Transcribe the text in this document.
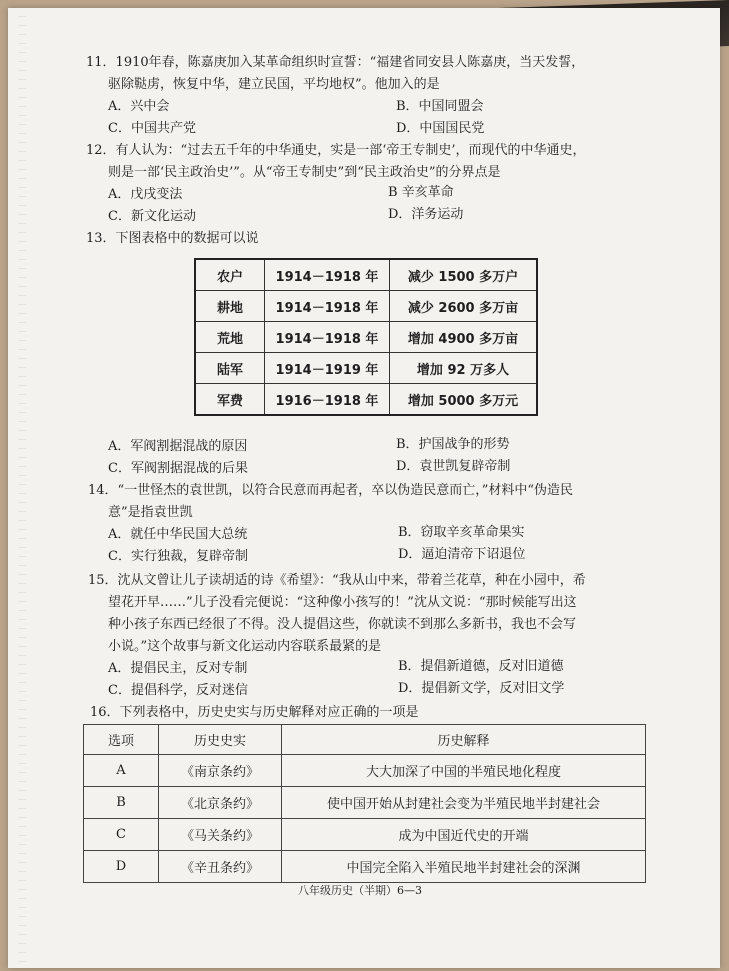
11．1910年春，陈嘉庚加入某革命组织时宣誓：“福建省同安县人陈嘉庚，当天发誓，
驱除鞑虏，恢复中华，建立民国，平均地权”。他加入的是
A．兴中会	B．中国同盟会
C．中国共产党	D．中国国民党
12．有人认为：“过去五千年的中华通史，实是一部‘帝王专制史’，而现代的中华通史，
则是一部‘民主政治史’”。从“帝王专制史”到“民主政治史”的分界点是
A．戊戌变法	B 辛亥革命
C．新文化运动	D．洋务运动
13．下图表格中的数据可以说
农户	1914－1918 年	减少 1500 多万户
耕地	1914－1918 年	减少 2600 多万亩
荒地	1914－1918 年	增加 4900 多万亩
陆军	1914－1919 年	增加 92 万多人
军费	1916－1918 年	增加 5000 多万元
A．军阀割据混战的原因	B．护国战争的形势
C．军阀割据混战的后果	D．袁世凯复辟帝制
14．“一世怪杰的袁世凯，以符合民意而再起者，卒以伪造民意而亡，”材料中“伪造民
意”是指袁世凯
A．就任中华民国大总统	B．窃取辛亥革命果实
C．实行独裁，复辟帝制	D．逼迫清帝下诏退位
15．沈从文曾让儿子读胡适的诗《希望》：“我从山中来，带着兰花草，种在小园中，希
望花开早……”儿子没看完便说：“这种像小孩写的！”沈从文说：“那时候能写出这
种小孩子东西已经很了不得。没人提倡这些，你就读不到那么多新书，我也不会写
小说。”这个故事与新文化运动内容联系最紧的是
A．提倡民主，反对专制	B．提倡新道德，反对旧道德
C．提倡科学，反对迷信	D．提倡新文学，反对旧文学
16．下列表格中，历史史实与历史解释对应正确的一项是
选项	历史史实	历史解释
A	《南京条约》	大大加深了中国的半殖民地化程度
B	《北京条约》	使中国开始从封建社会变为半殖民地半封建社会
C	《马关条约》	成为中国近代史的开端
D	《辛丑条约》	中国完全陷入半殖民地半封建社会的深渊
八年级历史（半期）6—3
